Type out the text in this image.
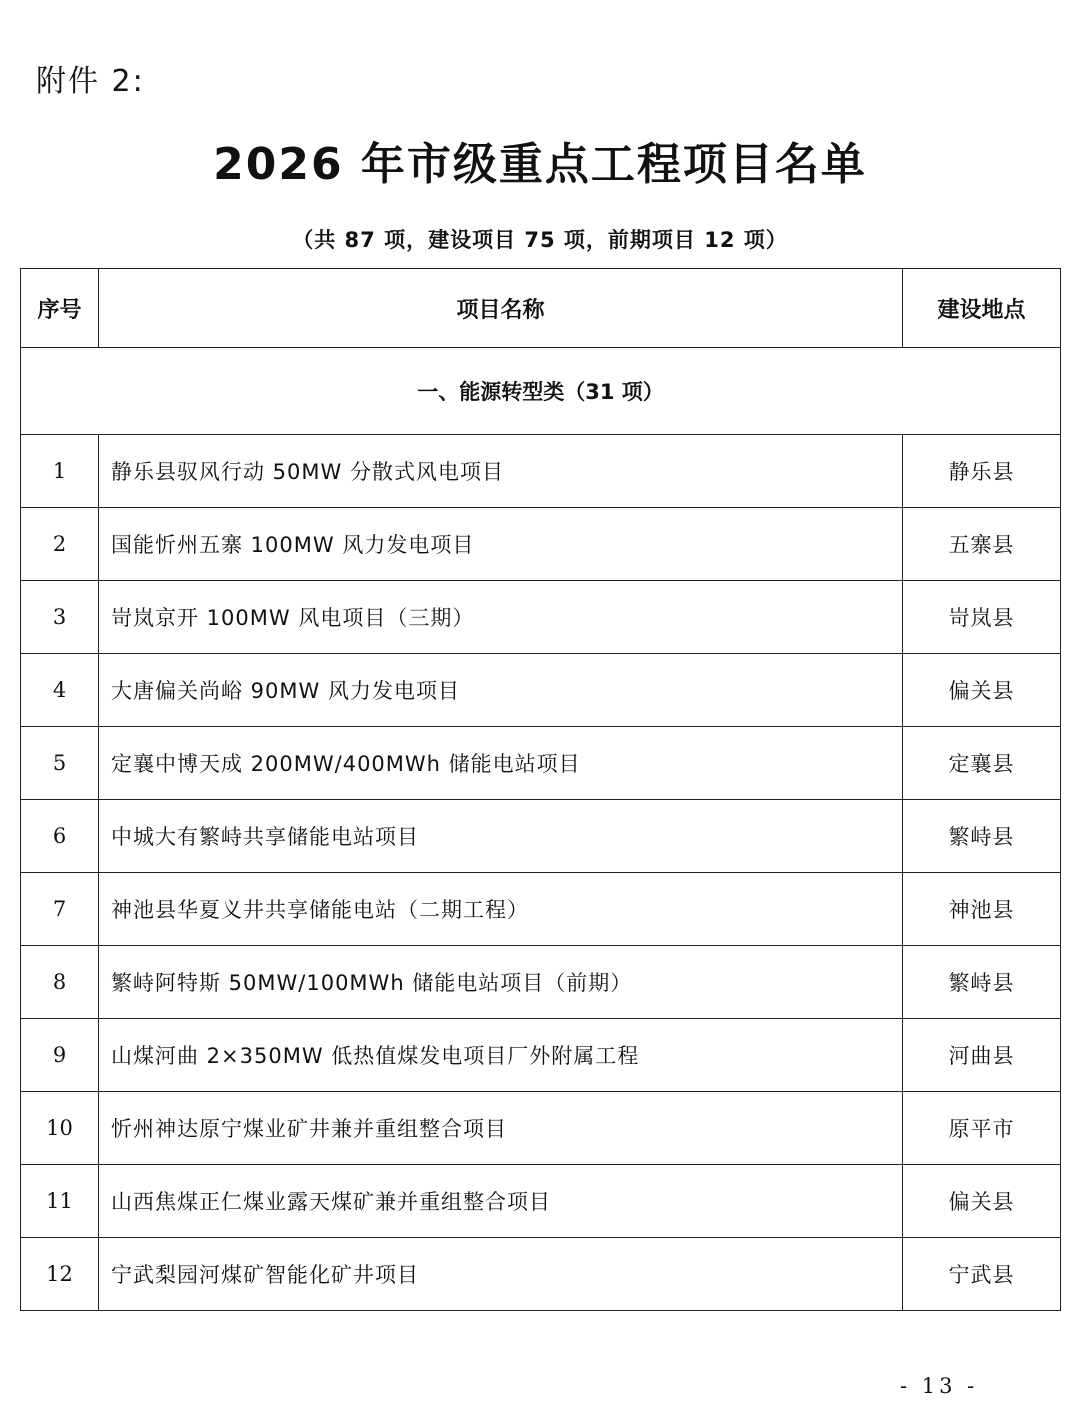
附件 2:
2026 年市级重点工程项目名单
（共 87 项，建设项目 75 项，前期项目 12 项）
序号	项目名称	建设地点
一、能源转型类（31 项）		
1	静乐县驭风行动 50MW 分散式风电项目	静乐县
2	国能忻州五寨 100MW 风力发电项目	五寨县
3	岢岚京开 100MW 风电项目（三期）	岢岚县
4	大唐偏关尚峪 90MW 风力发电项目	偏关县
5	定襄中博天成 200MW/400MWh 储能电站项目	定襄县
6	中城大有繁峙共享储能电站项目	繁峙县
7	神池县华夏义井共享储能电站（二期工程）	神池县
8	繁峙阿特斯 50MW/100MWh 储能电站项目（前期）	繁峙县
9	山煤河曲 2×350MW 低热值煤发电项目厂外附属工程	河曲县
10	忻州神达原宁煤业矿井兼并重组整合项目	原平市
11	山西焦煤正仁煤业露天煤矿兼并重组整合项目	偏关县
12	宁武梨园河煤矿智能化矿井项目	宁武县
- 13 -
